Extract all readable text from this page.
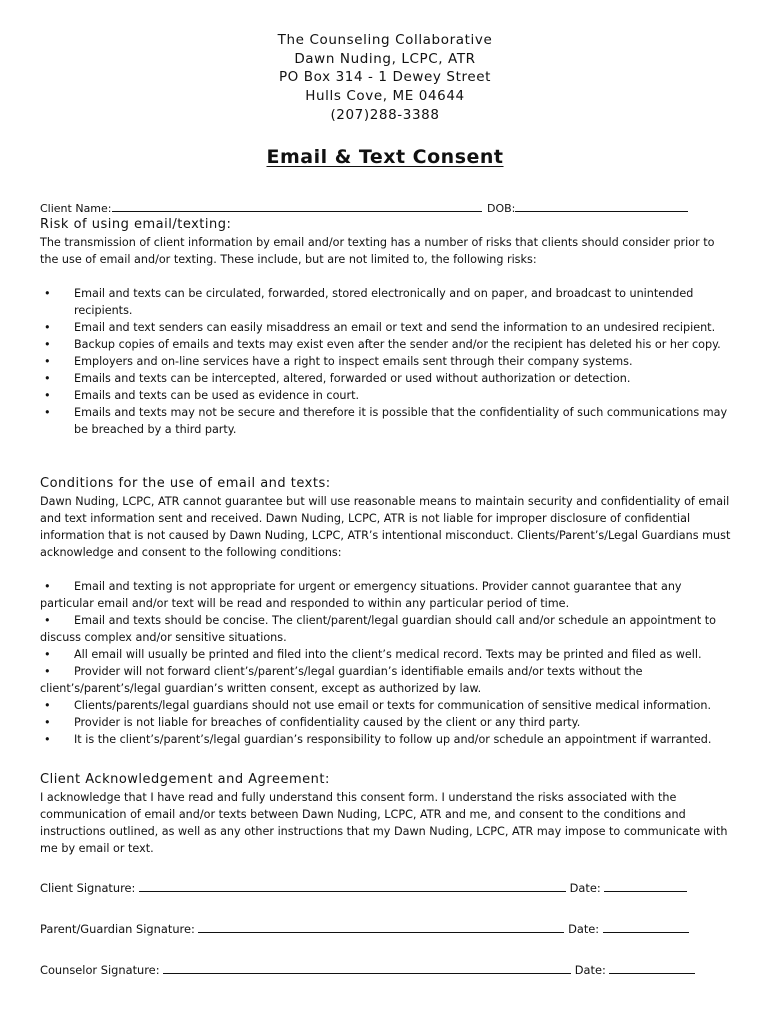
The Counseling Collaborative
Dawn Nuding, LCPC, ATR
PO Box 314 - 1 Dewey Street
Hulls Cove, ME 04644
(207)288-3388
Email & Text Consent
Client Name:	DOB:
Risk of using email/texting:
The transmission of client information by email and/or texting has a number of risks that clients should consider prior to the use of email and/or texting. These include, but are not limited to, the following risks:
• Email and texts can be circulated, forwarded, stored electronically and on paper, and broadcast to unintended recipients.
• Email and text senders can easily misaddress an email or text and send the information to an undesired recipient.
• Backup copies of emails and texts may exist even after the sender and/or the recipient has deleted his or her copy.
• Employers and on-line services have a right to inspect emails sent through their company systems.
• Emails and texts can be intercepted, altered, forwarded or used without authorization or detection.
• Emails and texts can be used as evidence in court.
• Emails and texts may not be secure and therefore it is possible that the confidentiality of such communications may be breached by a third party.
Conditions for the use of email and texts:
Dawn Nuding, LCPC, ATR cannot guarantee but will use reasonable means to maintain security and confidentiality of email and text information sent and received. Dawn Nuding, LCPC, ATR is not liable for improper disclosure of confidential information that is not caused by Dawn Nuding, LCPC, ATR’s intentional misconduct. Clients/Parent’s/Legal Guardians must acknowledge and consent to the following conditions:
• Email and texting is not appropriate for urgent or emergency situations. Provider cannot guarantee that any particular email and/or text will be read and responded to within any particular period of time.
• Email and texts should be concise. The client/parent/legal guardian should call and/or schedule an appointment to discuss complex and/or sensitive situations.
• All email will usually be printed and filed into the client’s medical record. Texts may be printed and filed as well.
• Provider will not forward client’s/parent’s/legal guardian’s identifiable emails and/or texts without the client’s/parent’s/legal guardian’s written consent, except as authorized by law.
• Clients/parents/legal guardians should not use email or texts for communication of sensitive medical information.
• Provider is not liable for breaches of confidentiality caused by the client or any third party.
• It is the client’s/parent’s/legal guardian’s responsibility to follow up and/or schedule an appointment if warranted.
Client Acknowledgement and Agreement:
I acknowledge that I have read and fully understand this consent form. I understand the risks associated with the communication of email and/or texts between Dawn Nuding, LCPC, ATR and me, and consent to the conditions and instructions outlined, as well as any other instructions that my Dawn Nuding, LCPC, ATR may impose to communicate with me by email or text.
Client Signature:	Date:
Parent/Guardian Signature:	Date:
Counselor Signature:	Date:
